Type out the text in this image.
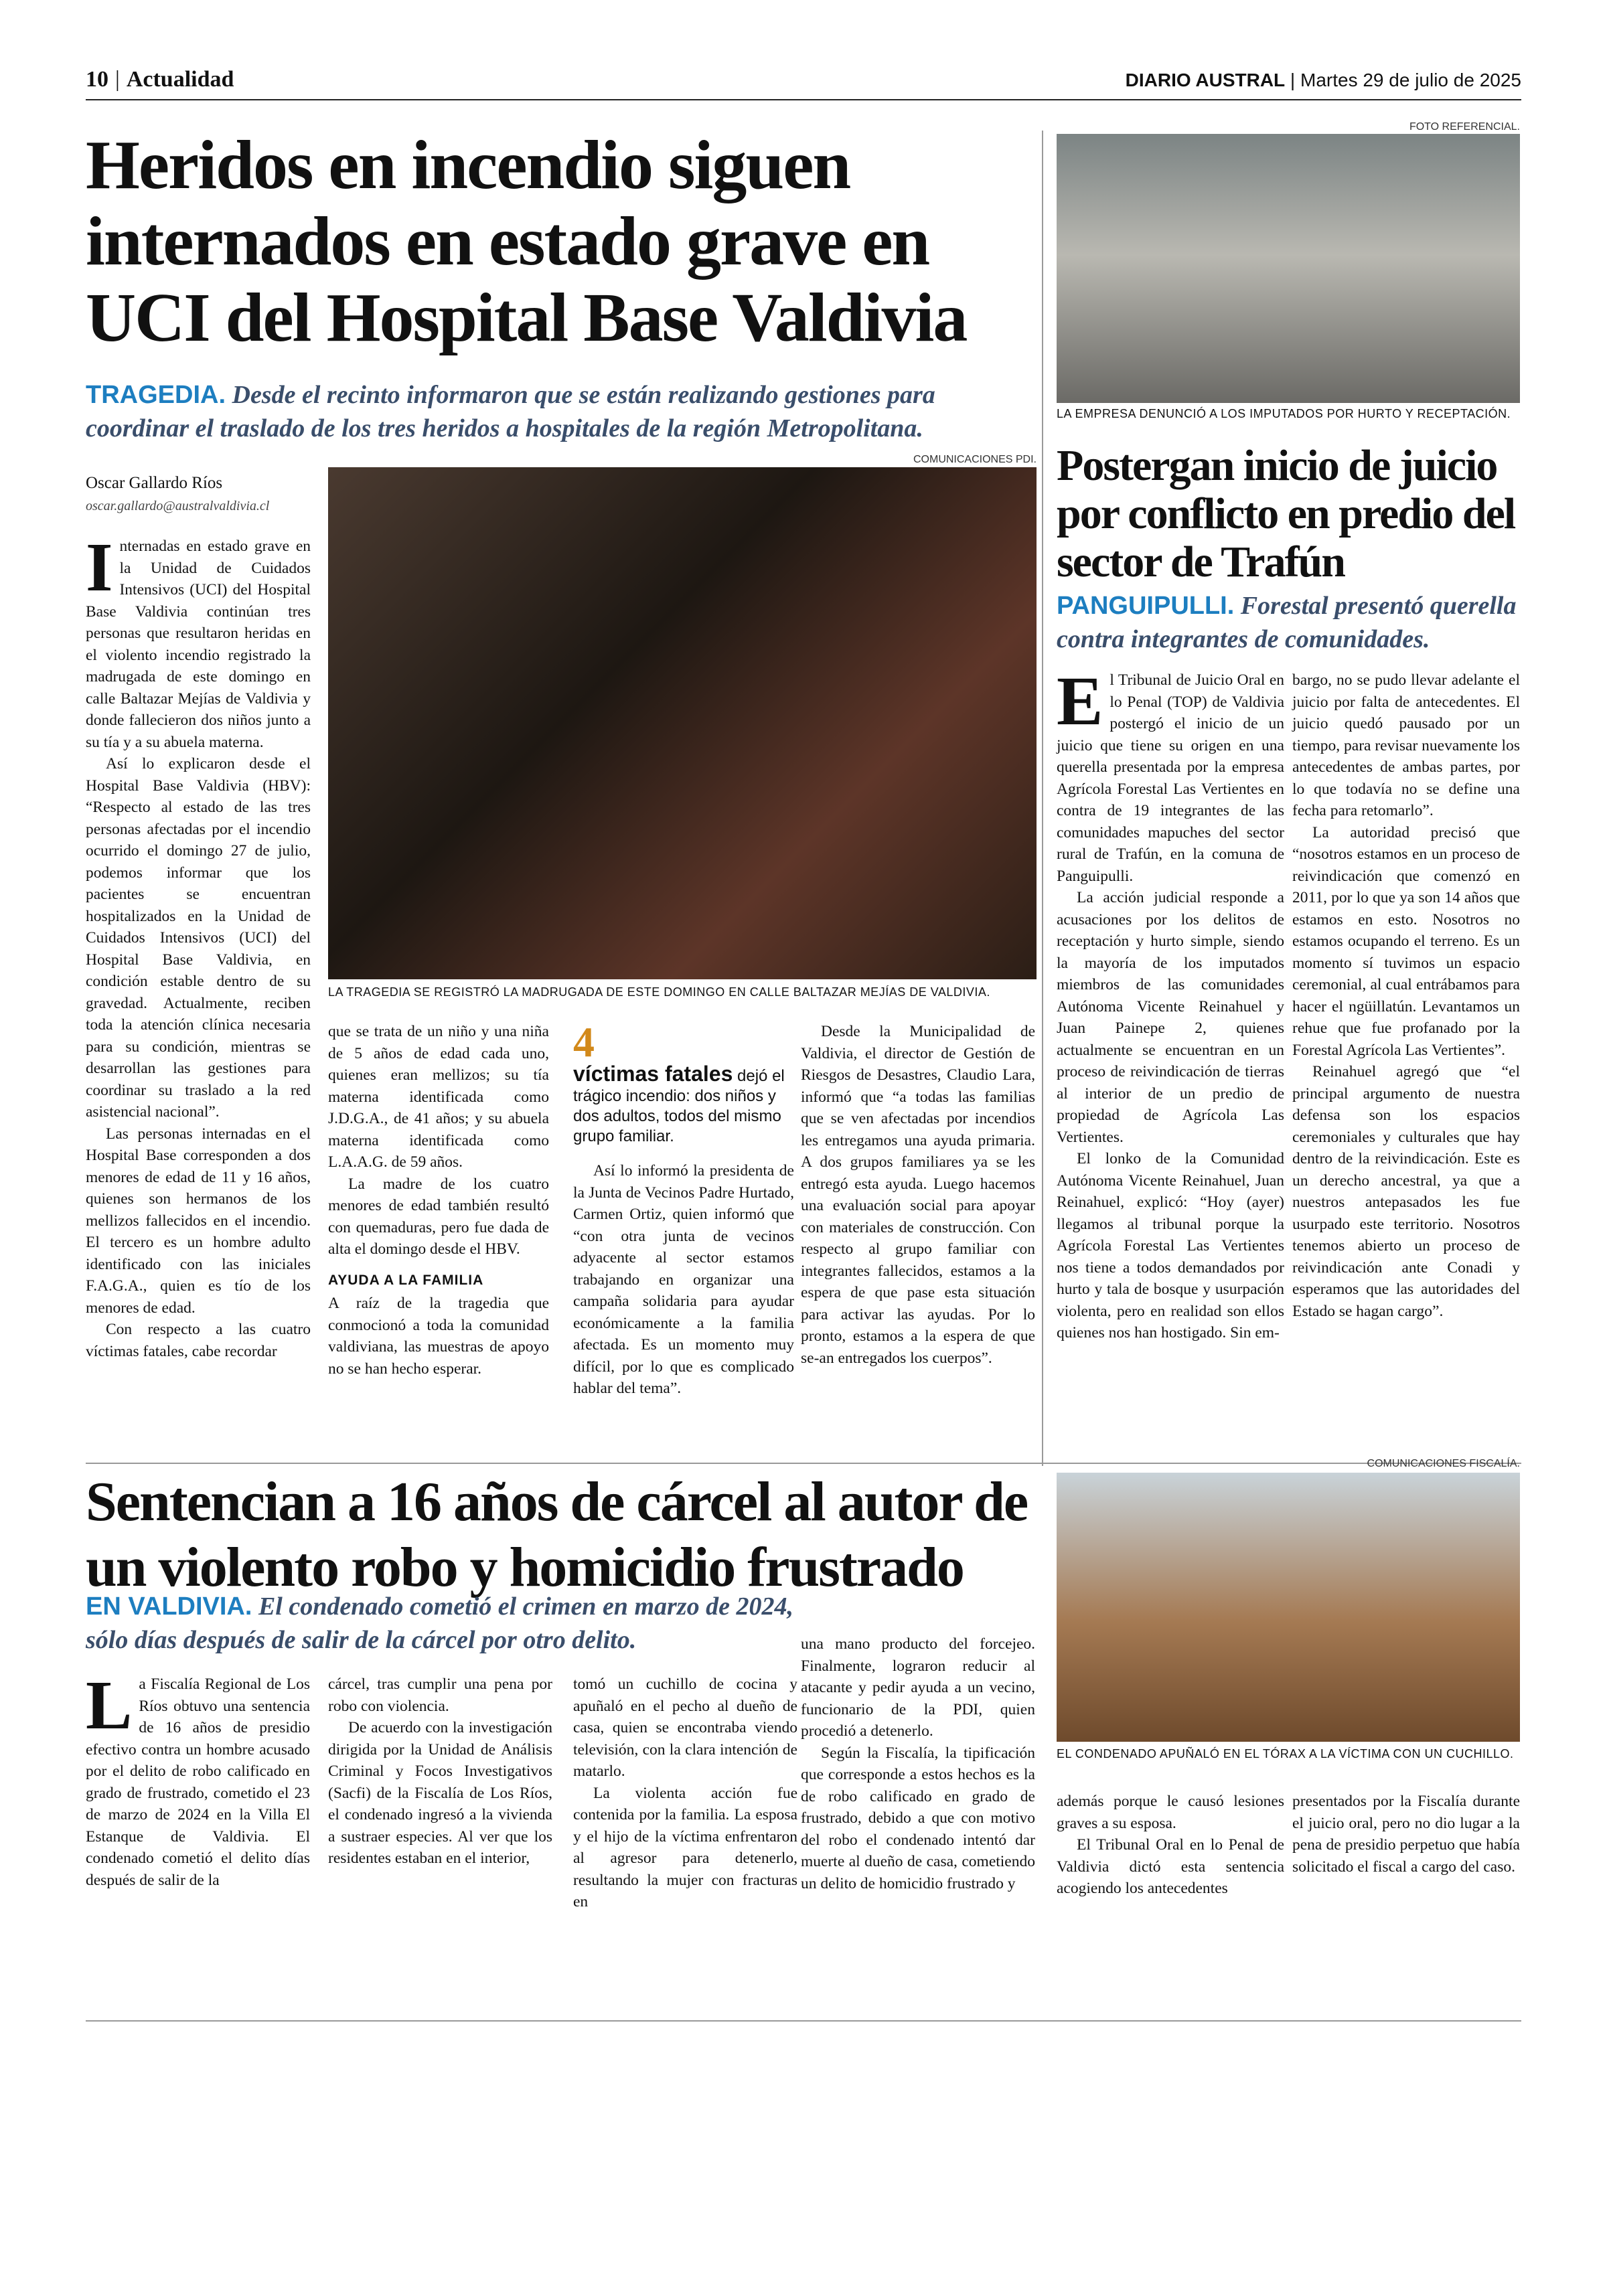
10 | Actualidad	DIARIO AUSTRAL | Martes 29 de julio de 2025
Heridos en incendio siguen internados en estado grave en UCI del Hospital Base Valdivia
TRAGEDIA. Desde el recinto informaron que se están realizando gestiones para coordinar el traslado de los tres heridos a hospitales de la región Metropolitana.
Oscar Gallardo Ríos
oscar.gallardo@australvaldivia.cl
COMUNICACIONES PDI.
LA TRAGEDIA SE REGISTRÓ LA MADRUGADA DE ESTE DOMINGO EN CALLE BALTAZAR MEJÍAS DE VALDIVIA.
I nternadas en estado grave en la Unidad de Cuidados Intensivos (UCI) del Hospital Base Valdivia continúan tres personas que resultaron heridas en el violento incendio registrado la madrugada de este domingo en calle Baltazar Mejías de Valdivia y donde fallecieron dos niños junto a su tía y a su abuela materna.

Así lo explicaron desde el Hospital Base Valdivia (HBV): “Respecto al estado de las tres personas afectadas por el incendio ocurrido el domingo 27 de julio, podemos informar que los pacientes se encuentran hospitalizados en la Unidad de Cuidados Intensivos (UCI) del Hospital Base Valdivia, en condición estable dentro de su gravedad. Actualmente, reciben toda la atención clínica necesaria para su condición, mientras se desarrollan las gestiones para coordinar su traslado a la red asistencial nacional”.

Las personas internadas en el Hospital Base corresponden a dos menores de edad de 11 y 16 años, quienes son hermanos de los mellizos fallecidos en el incendio. El tercero es un hombre adulto identificado con las iniciales F.A.G.A., quien es tío de los menores de edad.

Con respecto a las cuatro víctimas fatales, cabe recordar

que se trata de un niño y una niña de 5 años de edad cada uno, quienes eran mellizos; su tía materna identificada como J.D.G.A., de 41 años; y su abuela materna identificada como L.A.A.G. de 59 años.

La madre de los cuatro menores de edad también resultó con quemaduras, pero fue dada de alta el domingo desde el HBV.

AYUDA A LA FAMILIA

A raíz de la tragedia que conmocionó a toda la comunidad valdiviana, las muestras de apoyo no se han hecho esperar.

4
víctimas fatales dejó el trágico incendio: dos niños y dos adultos, todos del mismo grupo familiar.

Así lo informó la presidenta de la Junta de Vecinos Padre Hurtado, Carmen Ortiz, quien informó que “con otra junta de vecinos adyacente al sector estamos trabajando en organizar una campaña solidaria para ayudar económicamente a la familia afectada. Es un momento muy difícil, por lo que es complicado hablar del tema”.

Desde la Municipalidad de Valdivia, el director de Gestión de Riesgos de Desastres, Claudio Lara, informó que “a todas las familias que se ven afectadas por incendios les entregamos una ayuda primaria. A dos grupos familiares ya se les entregó esta ayuda. Luego hacemos una evaluación social para apoyar con materiales de construcción. Con respecto al grupo familiar con integrantes fallecidos, estamos a la espera de que pase esta situación para activar las ayudas. Por lo pronto, estamos a la espera de que se-an entregados los cuerpos”.

FOTO REFERENCIAL.
LA EMPRESA DENUNCIÓ A LOS IMPUTADOS POR HURTO Y RECEPTACIÓN.
Postergan inicio de juicio por conflicto en predio del sector de Trafún
PANGUIPULLI. Forestal presentó querella contra integrantes de comunidades.
E l Tribunal de Juicio Oral en lo Penal (TOP) de Valdivia postergó el inicio de un juicio que tiene su origen en una querella presentada por la empresa Agrícola Forestal Las Vertientes en contra de 19 integrantes de las comunidades mapuches del sector rural de Trafún, en la comuna de Panguipulli.

La acción judicial responde a acusaciones por los delitos de receptación y hurto simple, siendo la mayoría de los imputados miembros de las comunidades Autónoma Vicente Reinahuel y Juan Painepe 2, quienes actualmente se encuentran en un proceso de reivindicación de tierras al interior de un predio de propiedad de Agrícola Las Vertientes.

El lonko de la Comunidad Autónoma Vicente Reinahuel, Juan Reinahuel, explicó: “Hoy (ayer) llegamos al tribunal porque la Agrícola Forestal Las Vertientes nos tiene a todos demandados por hurto y tala de bosque y usurpación violenta, pero en realidad son ellos quienes nos han hostigado. Sin em-

bargo, no se pudo llevar adelante el juicio por falta de antecedentes. El juicio quedó pausado por un tiempo, para revisar nuevamente los antecedentes de ambas partes, por lo que todavía no se define una fecha para retomarlo”.

La autoridad precisó que “nosotros estamos en un proceso de reivindicación que comenzó en 2011, por lo que ya son 14 años que estamos en esto. Nosotros no estamos ocupando el terreno. Es un momento sí tuvimos un espacio ceremonial, al cual entrábamos para hacer el ngüillatún. Levantamos un rehue que fue profanado por la Forestal Agrícola Las Vertientes”.

Reinahuel agregó que “el principal argumento de nuestra defensa son los espacios ceremoniales y culturales que hay dentro de la reivindicación. Este es un derecho ancestral, ya que a nuestros antepasados les fue usurpado este territorio. Nosotros tenemos abierto un proceso de reivindicación ante Conadi y esperamos que las autoridades del Estado se hagan cargo”.

Sentencian a 16 años de cárcel al autor de un violento robo y homicidio frustrado
EN VALDIVIA. El condenado cometió el crimen en marzo de 2024, sólo días después de salir de la cárcel por otro delito.
COMUNICACIONES FISCALÍA.
EL CONDENADO APUÑALÓ EN EL TÓRAX A LA VÍCTIMA CON UN CUCHILLO.
L a Fiscalía Regional de Los Ríos obtuvo una sentencia de 16 años de presidio efectivo contra un hombre acusado por el delito de robo calificado en grado de frustrado, cometido el 23 de marzo de 2024 en la Villa El Estanque de Valdivia. El condenado cometió el delito días después de salir de la

cárcel, tras cumplir una pena por robo con violencia.

De acuerdo con la investigación dirigida por la Unidad de Análisis Criminal y Focos Investigativos (Sacfi) de la Fiscalía de Los Ríos, el condenado ingresó a la vivienda a sustraer especies. Al ver que los residentes estaban en el interior,

tomó un cuchillo de cocina y apuñaló en el pecho al dueño de casa, quien se encontraba viendo televisión, con la clara intención de matarlo.

La violenta acción fue contenida por la familia. La esposa y el hijo de la víctima enfrentaron al agresor para detenerlo, resultando la mujer con fracturas en

una mano producto del forcejeo. Finalmente, lograron reducir al atacante y pedir ayuda a un vecino, funcionario de la PDI, quien procedió a detenerlo.

Según la Fiscalía, la tipificación que corresponde a estos hechos es la de robo calificado en grado de frustrado, debido a que con motivo del robo el condenado intentó dar muerte al dueño de casa, cometiendo un delito de homicidio frustrado y

además porque le causó lesiones graves a su esposa.

El Tribunal Oral en lo Penal de Valdivia dictó esta sentencia acogiendo los antecedentes

presentados por la Fiscalía durante el juicio oral, pero no dio lugar a la pena de presidio perpetuo que había solicitado el fiscal a cargo del caso.
